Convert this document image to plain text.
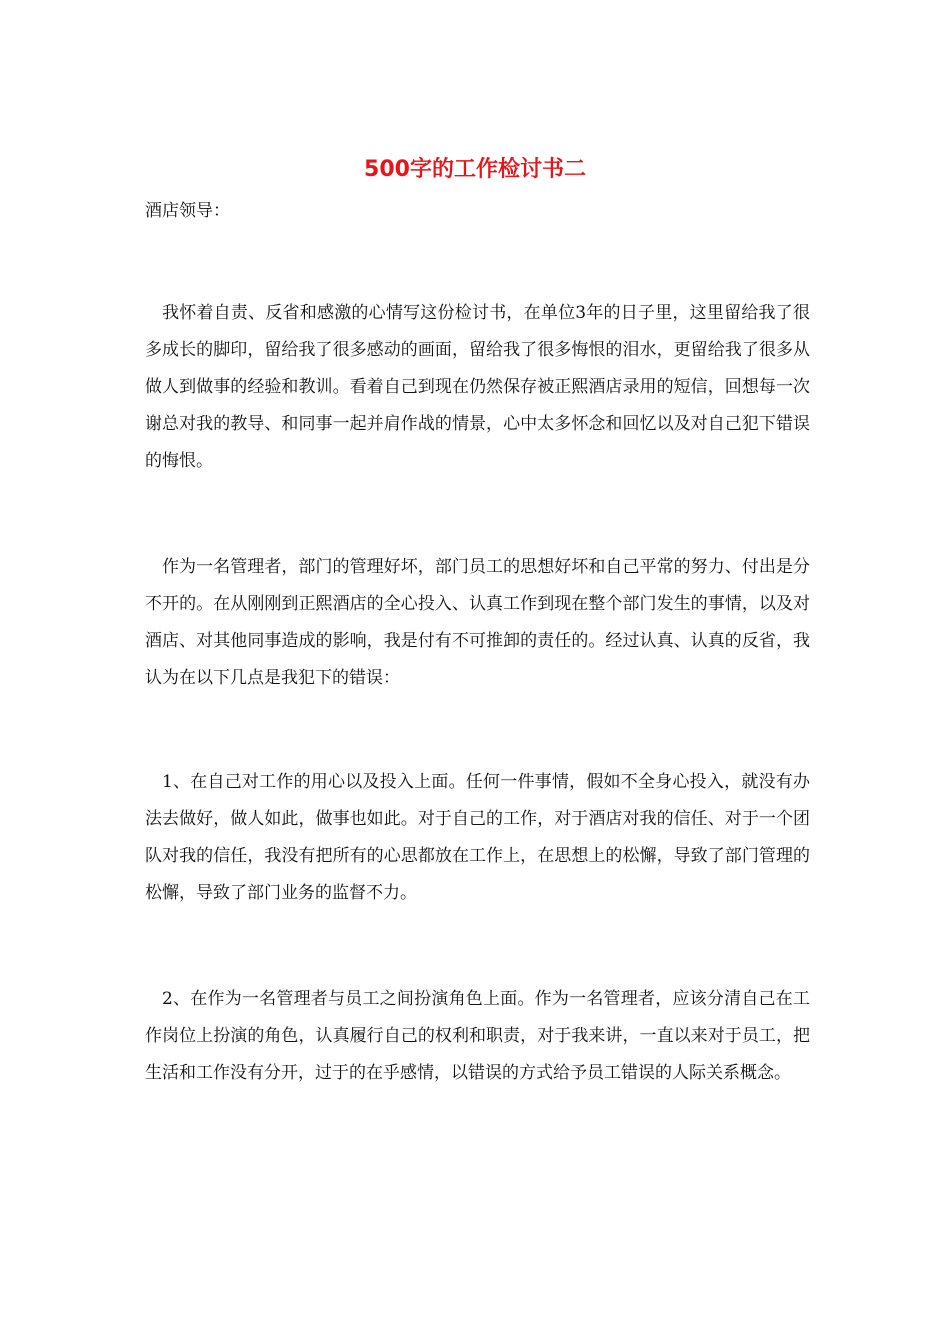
500字的工作检讨书二

酒店领导：

我怀着自责、反省和感激的心情写这份检讨书，在单位3年的日子里，这里留给我了很多成长的脚印，留给我了很多感动的画面，留给我了很多悔恨的泪水，更留给我了很多从做人到做事的经验和教训。看着自己到现在仍然保存被正熙酒店录用的短信，回想每一次谢总对我的教导、和同事一起并肩作战的情景，心中太多怀念和回忆以及对自己犯下错误的悔恨。

作为一名管理者，部门的管理好坏，部门员工的思想好坏和自己平常的努力、付出是分不开的。在从刚刚到正熙酒店的全心投入、认真工作到现在整个部门发生的事情，以及对酒店、对其他同事造成的影响，我是付有不可推卸的责任的。经过认真、认真的反省，我认为在以下几点是我犯下的错误：

1、在自己对工作的用心以及投入上面。任何一件事情，假如不全身心投入，就没有办法去做好，做人如此，做事也如此。对于自己的工作，对于酒店对我的信任、对于一个团队对我的信任，我没有把所有的心思都放在工作上，在思想上的松懈，导致了部门管理的松懈，导致了部门业务的监督不力。

2、在作为一名管理者与员工之间扮演角色上面。作为一名管理者，应该分清自己在工作岗位上扮演的角色，认真履行自己的权利和职责，对于我来讲，一直以来对于员工，把生活和工作没有分开，过于的在乎感情，以错误的方式给予员工错误的人际关系概念。
